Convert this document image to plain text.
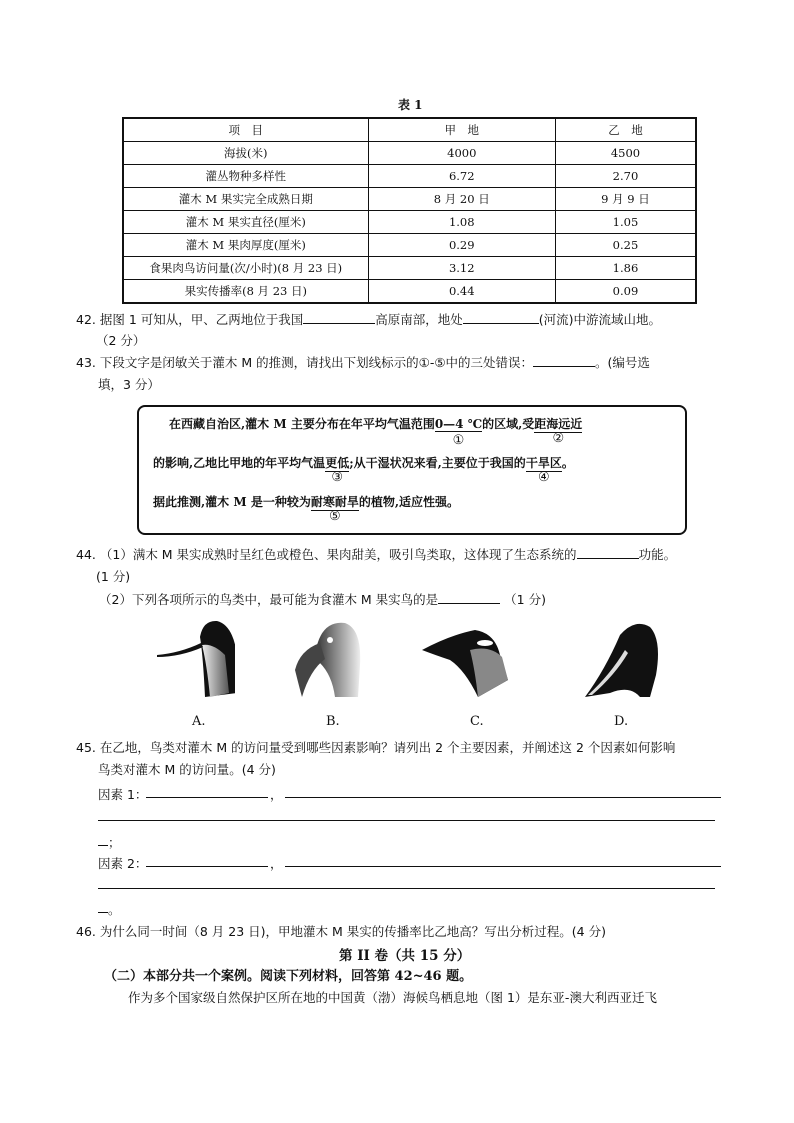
表 1
项　目	甲　地	乙　地
海拔(米)	4000	4500
灌丛物种多样性	6.72	2.70
灌木 M 果实完全成熟日期	8 月 20 日	9 月 9 日
灌木 M 果实直径(厘米)	1.08	1.05
灌木 M 果肉厚度(厘米)	0.29	0.25
食果肉鸟访问量(次/小时)(8 月 23 日)	3.12	1.86
果实传播率(8 月 23 日)	0.44	0.09
42. 据图 1 可知从，甲、乙两地位于我国	高原南部，地处	(河流)中游流域山地。
（2 分）
43. 下段文字是闭敏关于灌木 M 的推测，请找出下划线标示的①-⑤中的三处错误：	。(编号选
填，3 分）
在西藏自治区,灌木 M 主要分布在年平均气温范围0—4 ℃
①
的区域,受距海远近
②
的影响,乙地比甲地的年平均气温更低
③
;从干湿状况来看,主要位于我国的干旱区
④
。
据此推测,灌木 M 是一种较为耐寒耐旱
⑤
的植物,适应性强。
44. （1）满木 M 果实成熟时呈红色或橙色、果肉甜美，吸引鸟类取，这体现了生态系统的	功能。
(1 分)
（2）下列各项所示的鸟类中，最可能为食灌木 M 果实鸟的是	（1 分)
A.	B.	C.	D.
45. 在乙地，鸟类对灌木 M 的访问量受到哪些因素影响？请列出 2 个主要因素，并阐述这 2 个因素如何影响
鸟类对灌木 M 的访问量。(4 分)
因素 1：	，
；
因素 2：	，
。
46. 为什么同一时间（8 月 23 日)，甲地灌木 M 果实的传播率比乙地高？写出分析过程。(4 分)
第 II 卷（共 15 分）
（二）本部分共一个案例。阅读下列材料，回答第 42~46 题。
作为多个国家级自然保护区所在地的中国黄（渤）海候鸟栖息地（图 1）是东亚-澳大利西亚迁飞
